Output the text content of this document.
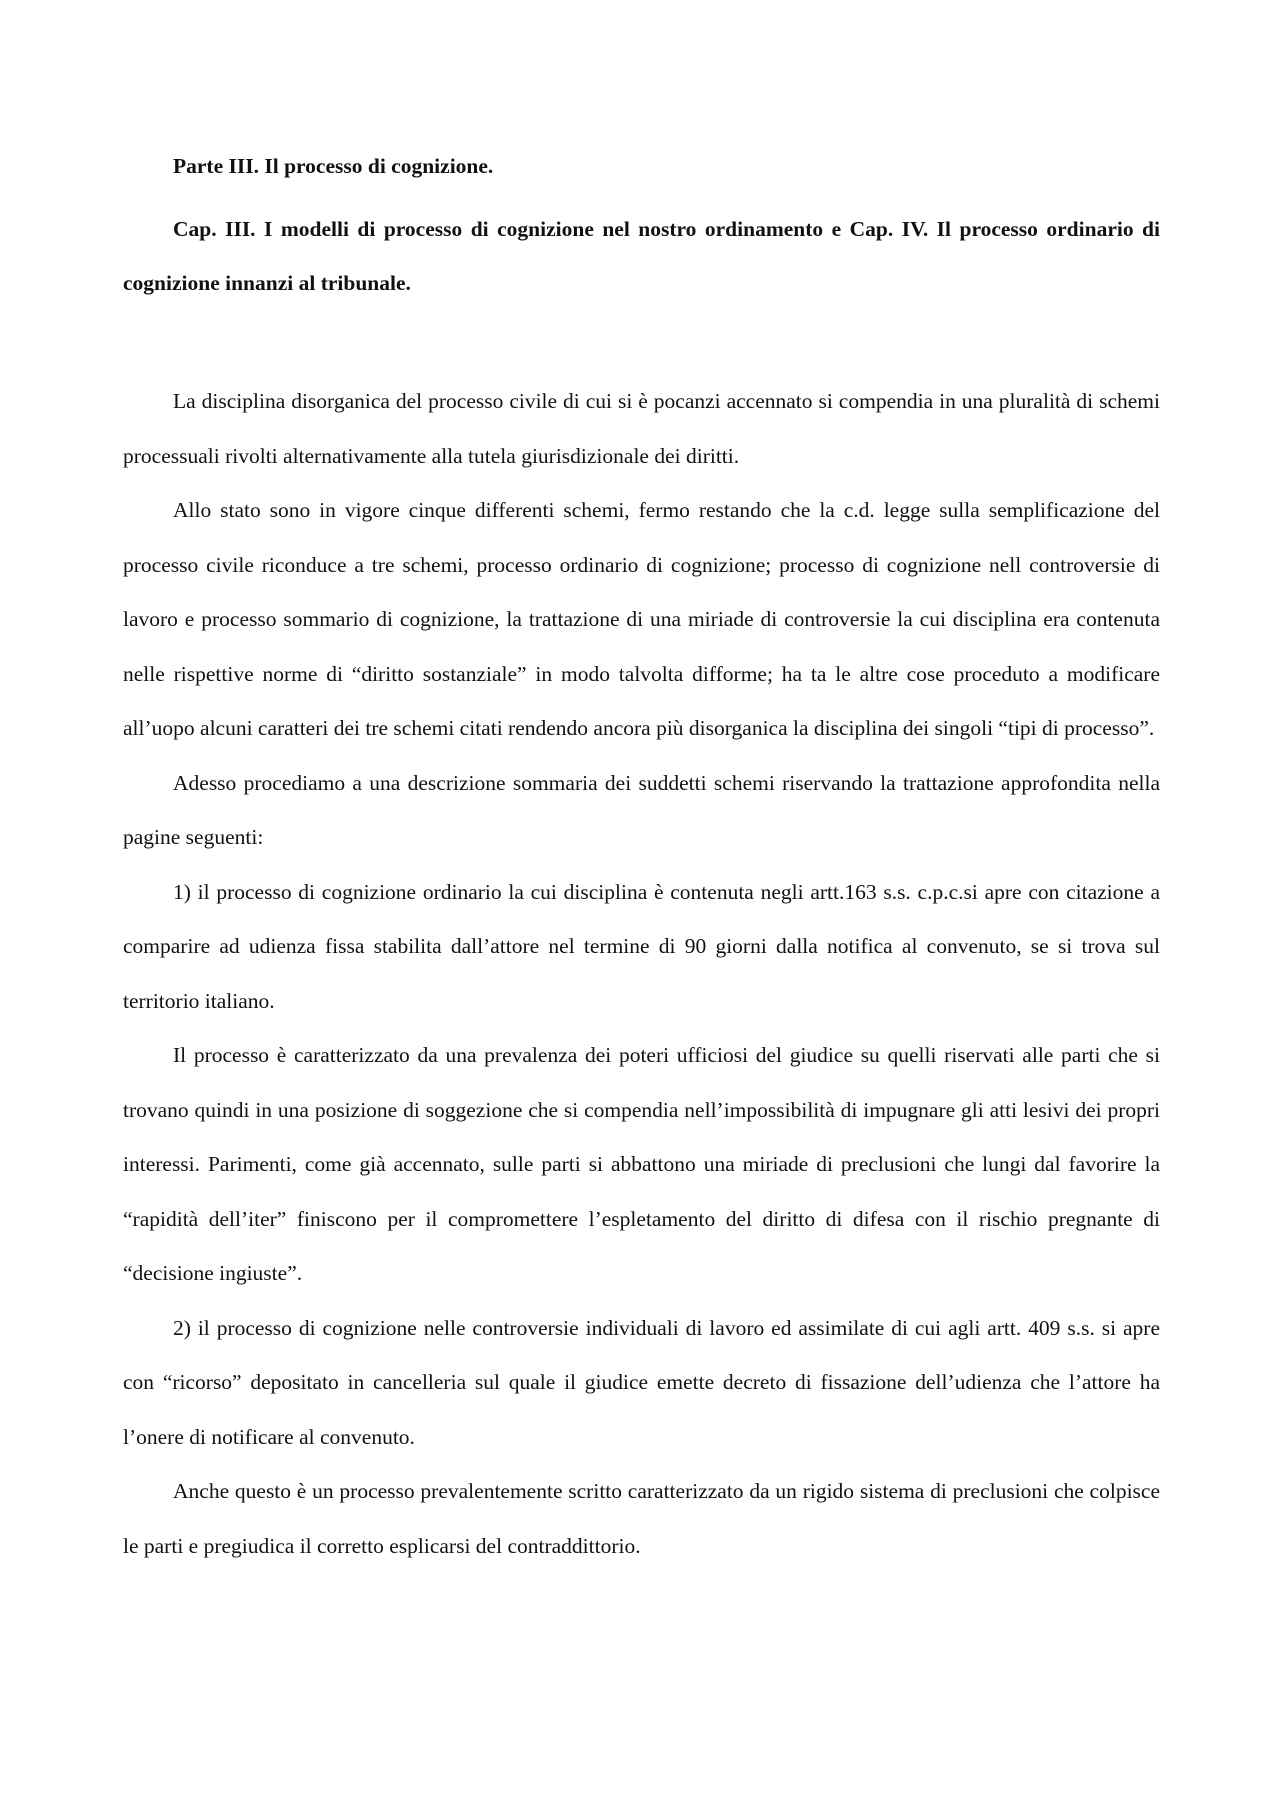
Parte III. Il processo di cognizione.

Cap. III. I modelli di processo di cognizione nel nostro ordinamento e Cap. IV. Il processo ordinario di cognizione innanzi al tribunale.

La disciplina disorganica del processo civile di cui si è pocanzi accennato si compendia in una pluralità di schemi processuali rivolti alternativamente alla tutela giurisdizionale dei diritti.

Allo stato sono in vigore cinque differenti schemi, fermo restando che la c.d. legge sulla semplificazione del processo civile riconduce a tre schemi, processo ordinario di cognizione; processo di cognizione nell controversie di lavoro e processo sommario di cognizione, la trattazione di una miriade di controversie la cui disciplina era contenuta nelle rispettive norme di “diritto sostanziale” in modo talvolta difforme; ha ta le altre cose proceduto a modificare all’uopo alcuni caratteri dei tre schemi citati rendendo ancora più disorganica la disciplina dei singoli “tipi di processo”.

Adesso procediamo a una descrizione sommaria dei suddetti schemi riservando la trattazione approfondita nella pagine seguenti:

1) il processo di cognizione ordinario la cui disciplina è contenuta negli artt.163 s.s. c.p.c.si apre con citazione a comparire ad udienza fissa stabilita dall’attore nel termine di 90 giorni dalla notifica al convenuto, se si trova sul territorio italiano.

Il processo è caratterizzato da una prevalenza dei poteri ufficiosi del giudice su quelli riservati alle parti che si trovano quindi in una posizione di soggezione che si compendia nell’impossibilità di impugnare gli atti lesivi dei propri interessi. Parimenti, come già accennato, sulle parti si abbattono una miriade di preclusioni che lungi dal favorire la “rapidità dell’iter” finiscono per il compromettere l’espletamento del diritto di difesa con il rischio pregnante di “decisione ingiuste”.

2) il processo di cognizione nelle controversie individuali di lavoro ed assimilate di cui agli artt. 409 s.s. si apre con “ricorso” depositato in cancelleria sul quale il giudice emette decreto di fissazione dell’udienza che l’attore ha l’onere di notificare al convenuto.

Anche questo è un processo prevalentemente scritto caratterizzato da un rigido sistema di preclusioni che colpisce le parti e pregiudica il corretto esplicarsi del contraddittorio.
